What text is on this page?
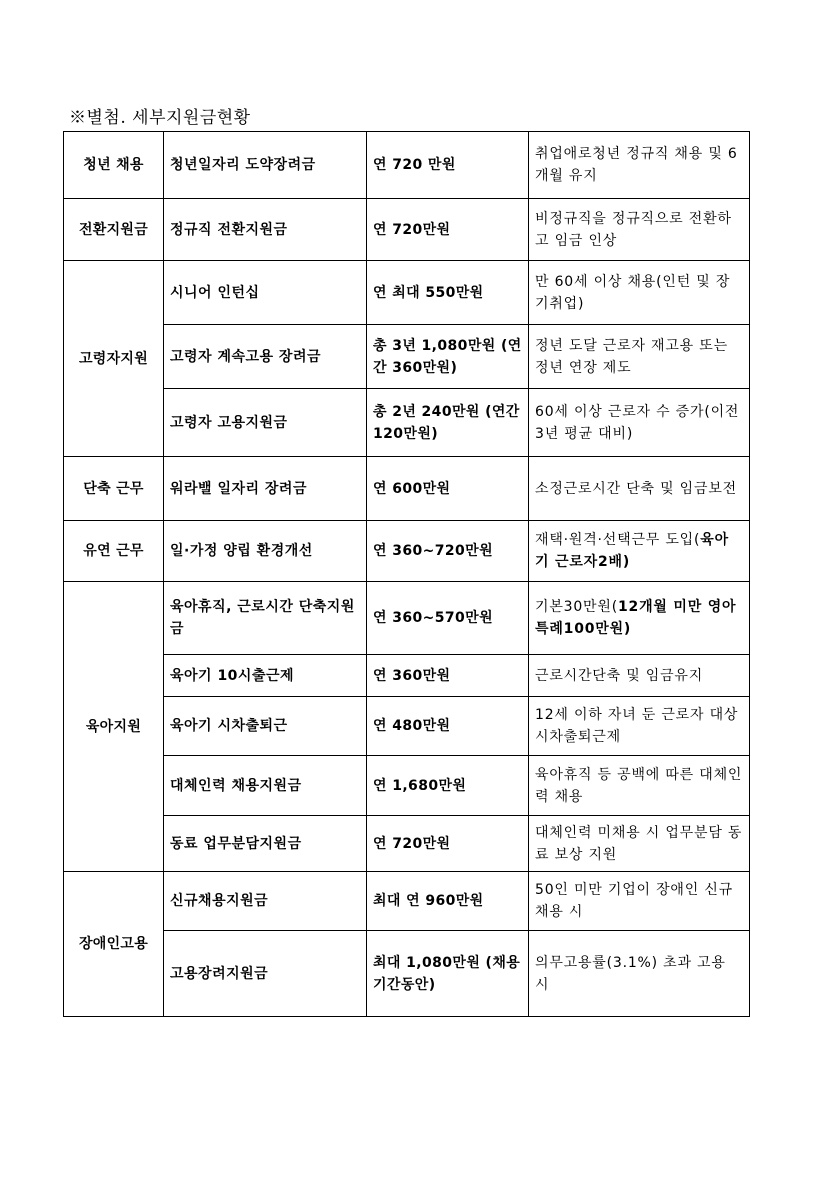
※별첨. 세부지원금현황
청년 채용	청년일자리 도약장려금	연 720 만원	취업애로청년 정규직 채용 및 6개월 유지
전환지원금	정규직 전환지원금	연 720만원	비정규직을 정규직으로 전환하고 임금 인상
고령자지원	시니어 인턴십	연 최대 550만원	만 60세 이상 채용(인턴 및 장기취업)
	고령자 계속고용 장려금	총 3년 1,080만원 (연간 360만원)	정년 도달 근로자 재고용 또는 정년 연장 제도
	고령자 고용지원금	총 2년 240만원 (연간 120만원)	60세 이상 근로자 수 증가(이전3년 평균 대비)
단축 근무	워라밸 일자리 장려금	연 600만원	소정근로시간 단축 및 임금보전
유연 근무	일·가정 양립 환경개선	연 360~720만원	재택·원격·선택근무 도입(육아기 근로자2배)
육아지원	육아휴직, 근로시간 단축지원금	연 360~570만원	기본30만원(12개월 미만 영아 특례100만원)
	육아기 10시출근제	연 360만원	근로시간단축 및 임금유지
	육아기 시차출퇴근	연 480만원	12세 이하 자녀 둔 근로자 대상 시차출퇴근제
	대체인력 채용지원금	연 1,680만원	육아휴직 등 공백에 따른 대체인력 채용
	동료 업무분담지원금	연 720만원	대체인력 미채용 시 업무분담 동료 보상 지원
장애인고용	신규채용지원금	최대 연 960만원	50인 미만 기업이 장애인 신규 채용 시
	고용장려지원금	최대 1,080만원 (채용기간동안)	의무고용률(3.1%) 초과 고용 시
